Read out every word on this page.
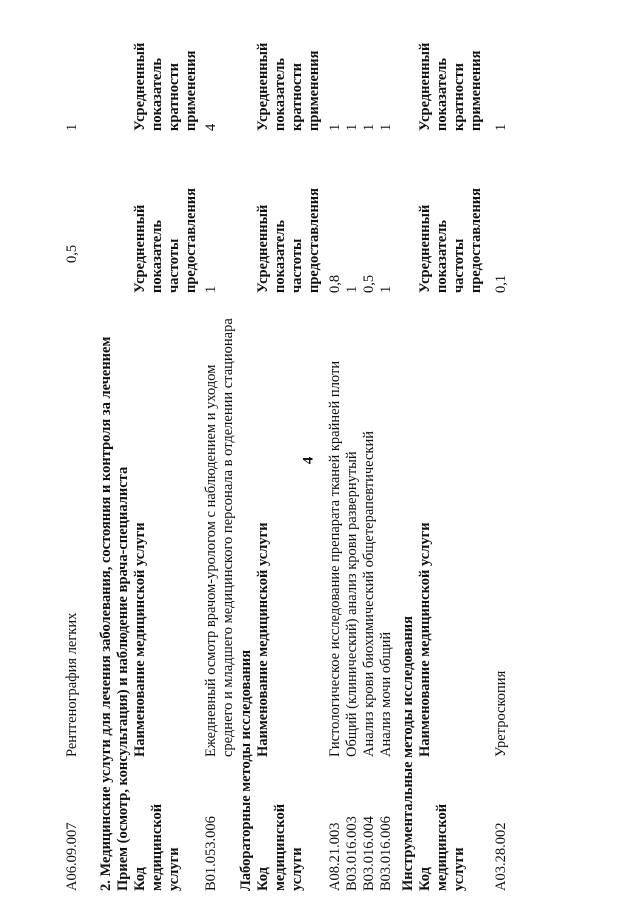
4
A06.09.007
Рентгенография легких
0,5
1
2. Медицинские услуги для лечения заболевания, состояния и контроля за лечением Прием (осмотр, консультация) и наблюдение врача-специалиста Код медицинской услуги
Наименование медицинской услуги
Усредненный показатель частоты предоставления
Усредненный показатель кратности применения
B01.053.006
Ежедневный осмотр врачом-урологом с наблюдением и уходом среднего и младшего медицинского персонала в отделении стационара
1
4
Лабораторные методы исследования Код медицинской услуги
Наименование медицинской услуги
Усредненный показатель частоты предоставления
Усредненный показатель кратности применения
A08.21.003
Гистологическое исследование препарата тканей крайней плоти
0,8
1
B03.016.003
Общий (клинический) анализ крови развернутый
1
1
B03.016.004
Анализ крови биохимический общетерапевтический
0,5
1
B03.016.006
Анализ мочи общий
1
1
Инструментальные методы исследования Код медицинской услуги
Наименование медицинской услуги
Усредненный показатель частоты предоставления
Усредненный показатель кратности применения
A03.28.002
Уретроскопия
0,1
1
